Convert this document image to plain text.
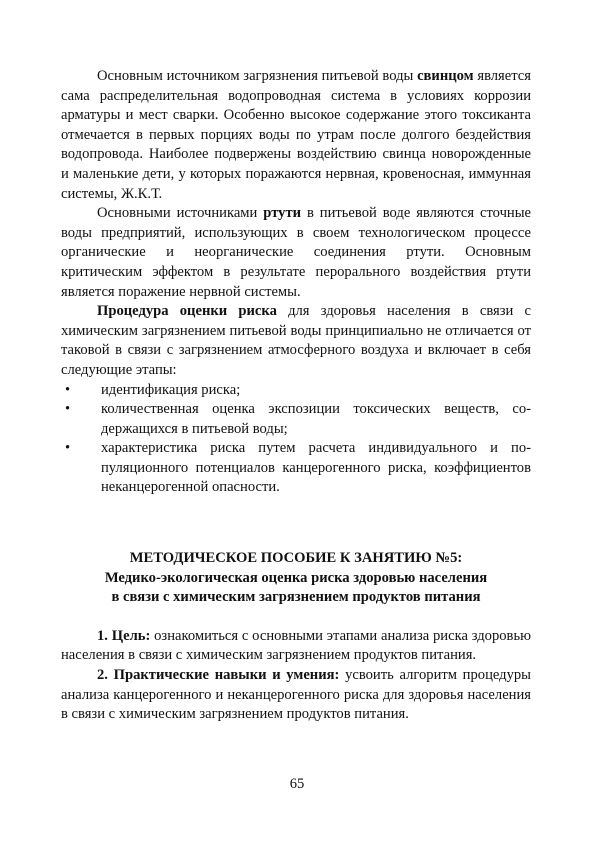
Основным источником загрязнения питьевой воды свинцом является сама распределительная водопроводная система в условиях коррозии арматуры и мест сварки. Особенно высокое содержание этого токсиканта отмечается в первых порциях воды по утрам после долгого бездействия водопровода. Наиболее подвержены воздействию свинца новорожденные и маленькие дети, у которых поражаются нервная, кровеносная, иммунная системы, Ж.К.Т.

Основными источниками ртути в питьевой воде являются сточные воды предприятий, использующих в своем технологическом процессе органические и неорганические соединения ртути. Основным критическим эффектом в результате перорального воздействия ртути является поражение нервной системы.

Процедура оценки риска для здоровья населения в связи с химическим загрязнением питьевой воды принципиально не отличается от таковой в связи с загрязнением атмосферного воздуха и включает в себя следующие этапы:

• идентификация риска;
• количественная оценка экспозиции токсических веществ, содержащихся в питьевой воды;
• характеристика риска путем расчета индивидуального и популяционного потенциалов канцерогенного риска, коэффициентов неканцерогенной опасности.
МЕТОДИЧЕСКОЕ ПОСОБИЕ К ЗАНЯТИЮ №5:
Медико-экологическая оценка риска здоровью населения
в связи с химическим загрязнением продуктов питания

1. Цель: ознакомиться с основными этапами анализа риска здоровью населения в связи с химическим загрязнением продуктов питания.

2. Практические навыки и умения: усвоить алгоритм процедуры анализа канцерогенного и неканцерогенного риска для здоровья населения в связи с химическим загрязнением продуктов питания.

65
